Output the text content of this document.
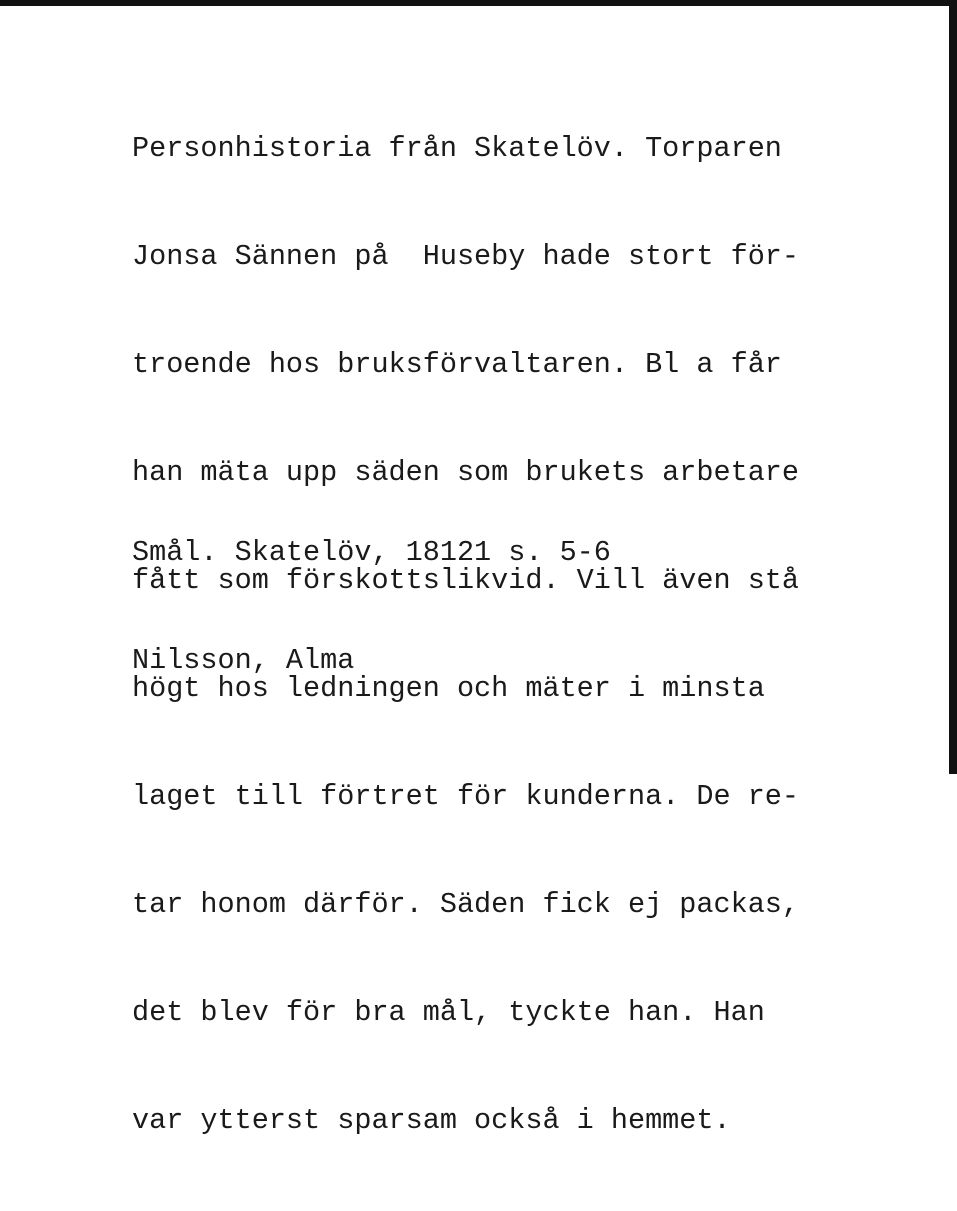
Personhistoria från Skatelöv. Torparen

Jonsa Sännen på  Huseby hade stort för-

troende hos bruksförvaltaren. Bl a får

han mäta upp säden som brukets arbetare

fått som förskottslikvid. Vill även stå

högt hos ledningen och mäter i minsta

laget till förtret för kunderna. De re-

tar honom därför. Säden fick ej packas,

det blev för bra mål, tyckte han. Han

var ytterst sparsam också i hemmet.

Smål. Skatelöv, 18121 s. 5-6

Nilsson, Alma
